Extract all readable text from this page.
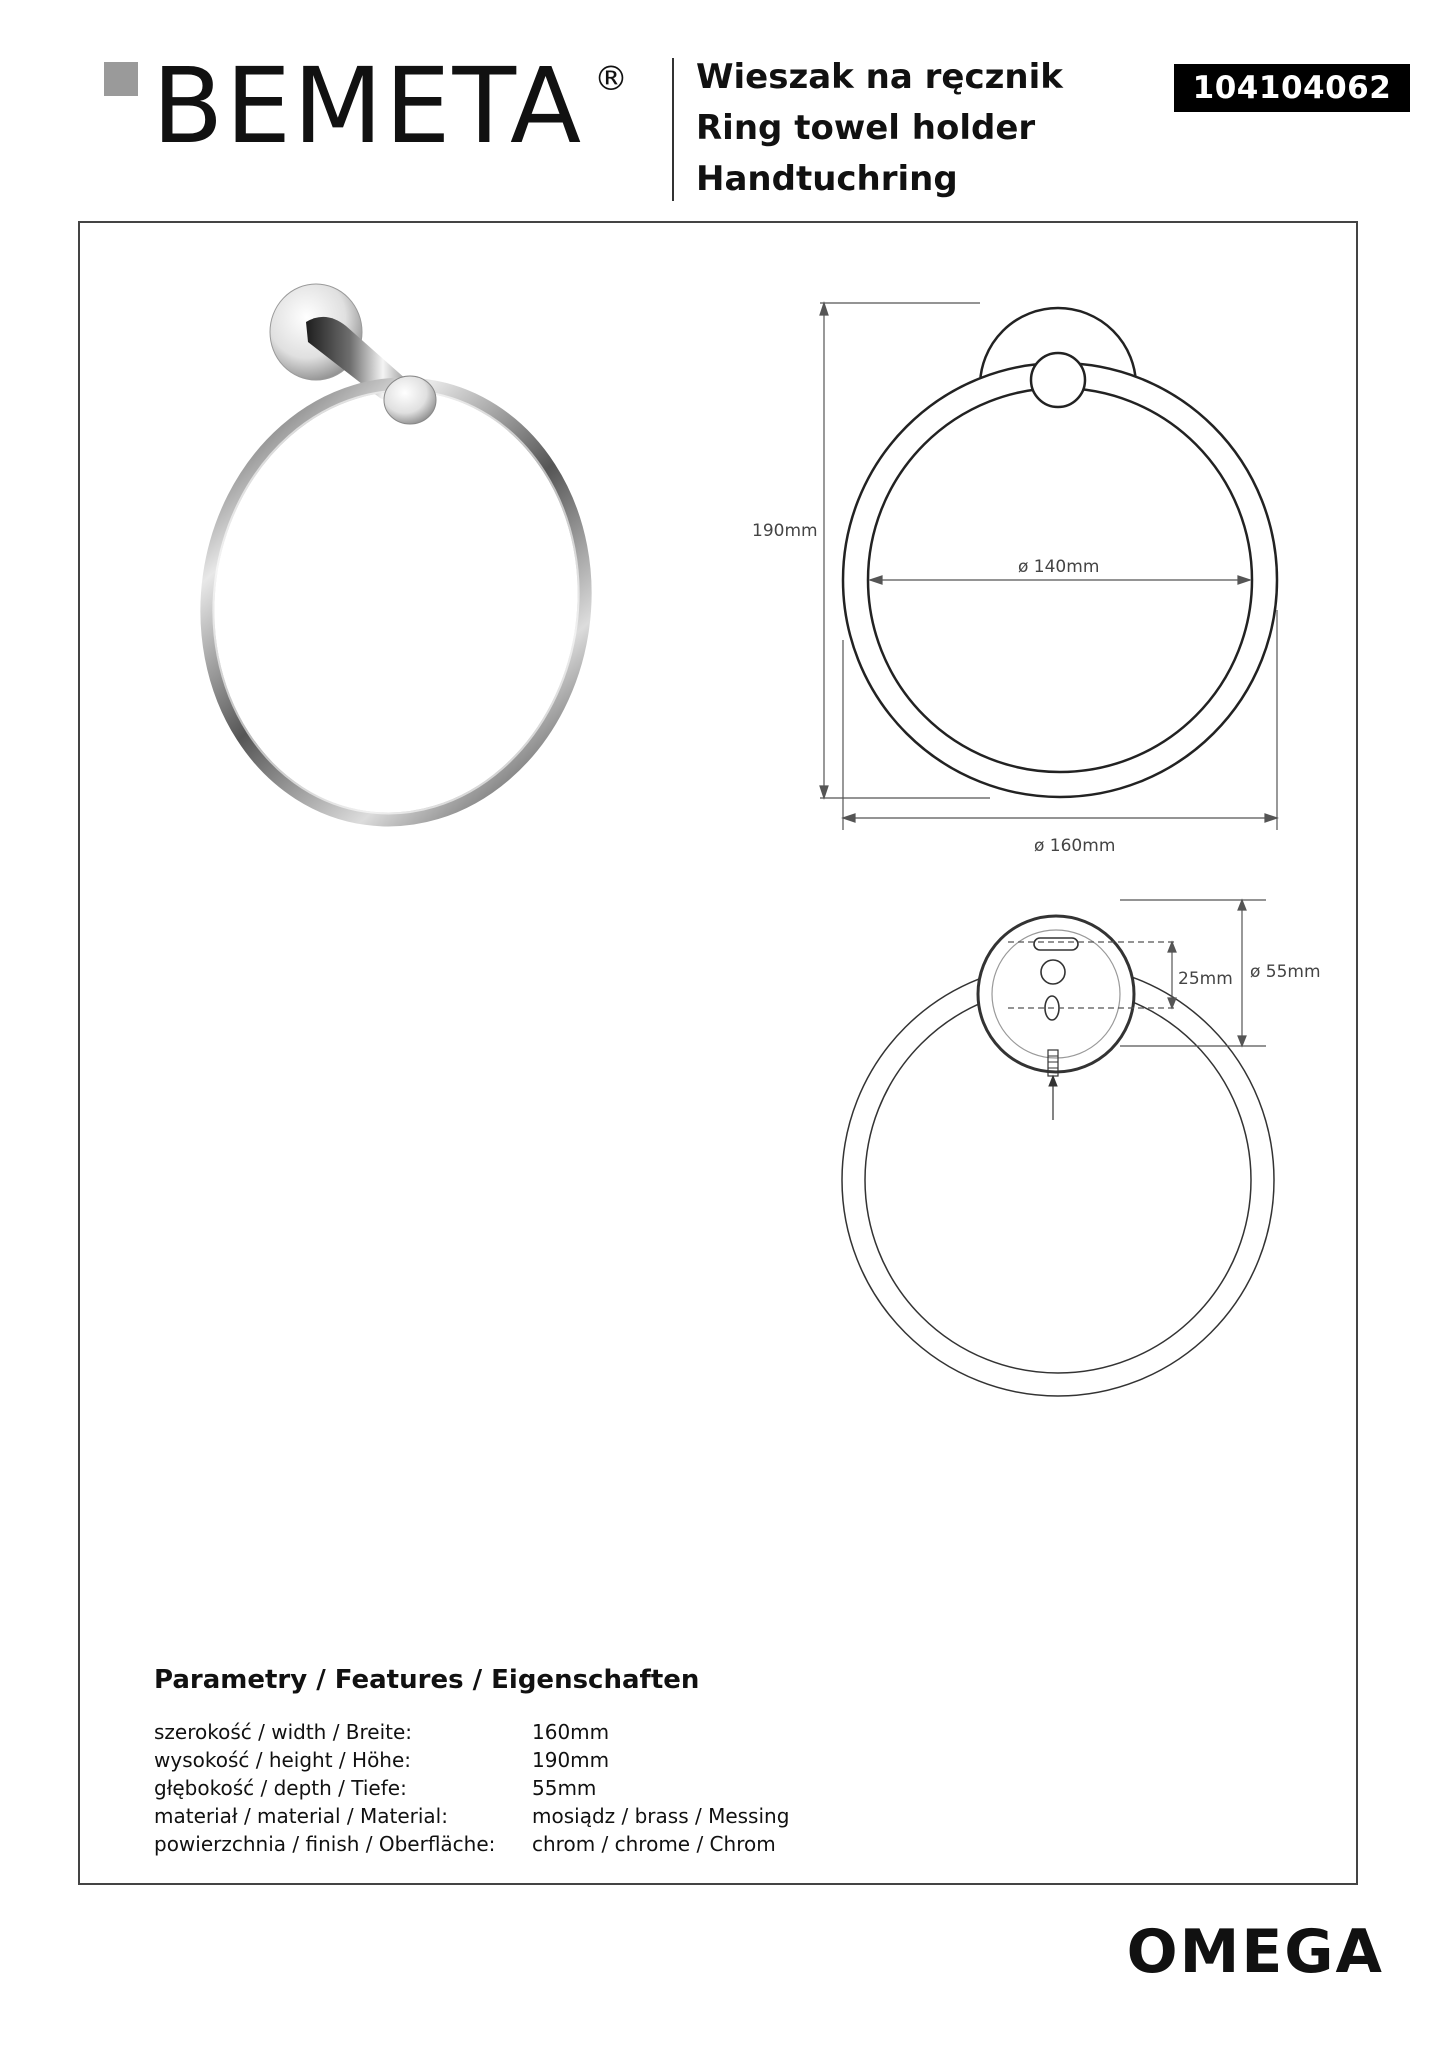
BEMETA ® Wieszak na ręcznik
Ring towel holder
Handtuchring
104104062
190mm
ø 140mm
ø 160mm
25mm ø 55mm
Parametry / Features / Eigenschaften
szerokość / width / Breite:	160mm
wysokość / height / Höhe:	190mm
głębokość / depth / Tiefe:	55mm
materiał / material / Material:	mosiądz / brass / Messing
powierzchnia / finish / Oberfläche: chrom / chrome / Chrom
OMEGA
